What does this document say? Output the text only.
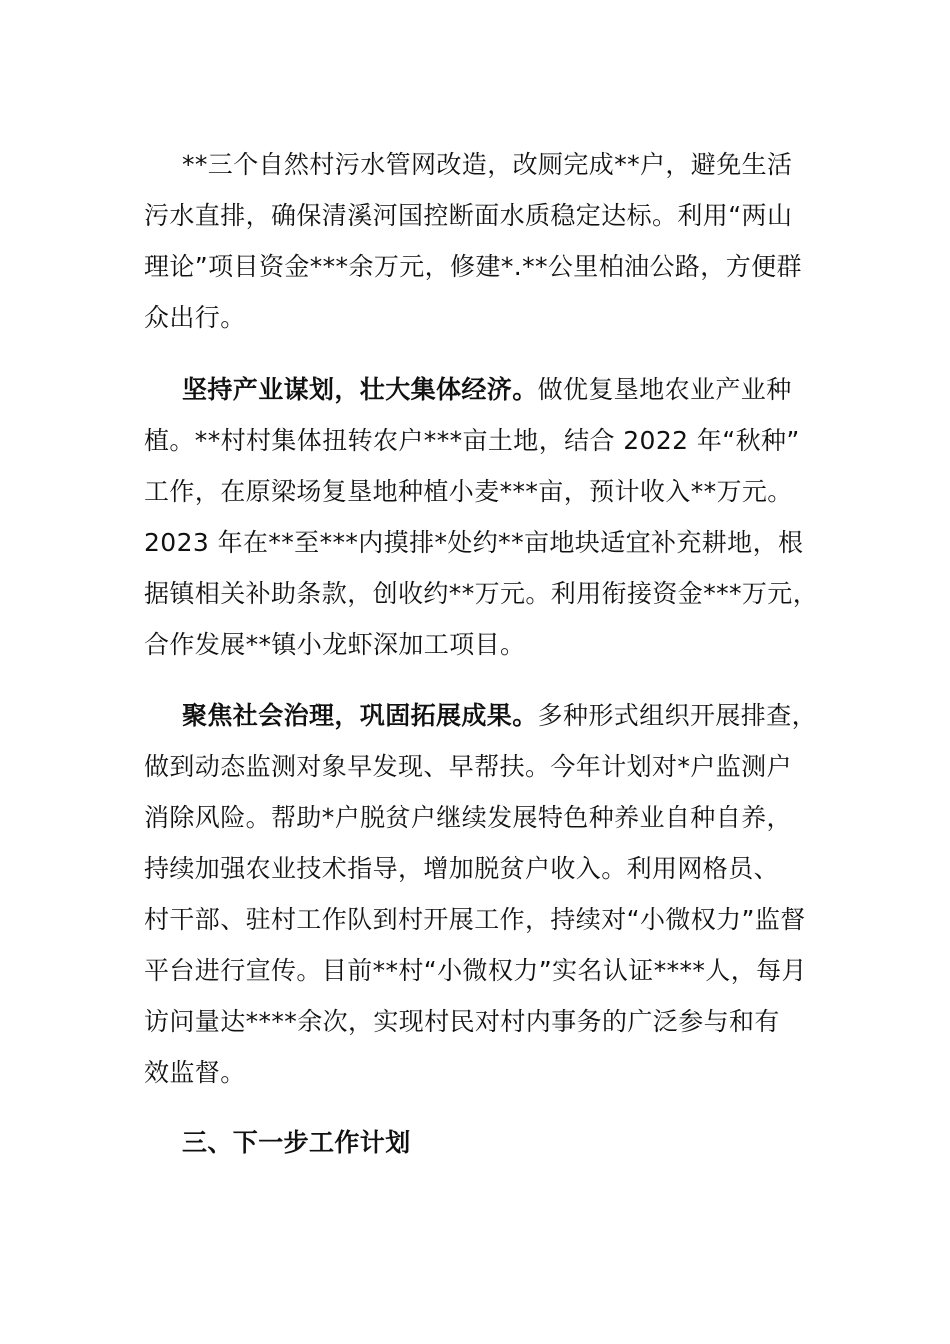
**三个自然村污水管网改造，改厕完成**户，避免生活
污水直排，确保清溪河国控断面水质稳定达标。利用“两山
理论”项目资金***余万元，修建*.**公里柏油公路，方便群
众出行。
坚持产业谋划，壮大集体经济。做优复垦地农业产业种
植。**村村集体扭转农户***亩土地，结合 2022 年“秋种”
工作，在原梁场复垦地种植小麦***亩，预计收入**万元。
2023 年在**至***内摸排*处约**亩地块适宜补充耕地，根
据镇相关补助条款，创收约**万元。利用衔接资金***万元，
合作发展**镇小龙虾深加工项目。
聚焦社会治理，巩固拓展成果。多种形式组织开展排查，
做到动态监测对象早发现、早帮扶。今年计划对*户监测户
消除风险。帮助*户脱贫户继续发展特色种养业自种自养，
持续加强农业技术指导，增加脱贫户收入。利用网格员、
村干部、驻村工作队到村开展工作，持续对“小微权力”监督
平台进行宣传。目前**村“小微权力”实名认证****人，每月
访问量达****余次，实现村民对村内事务的广泛参与和有
效监督。
三、下一步工作计划
